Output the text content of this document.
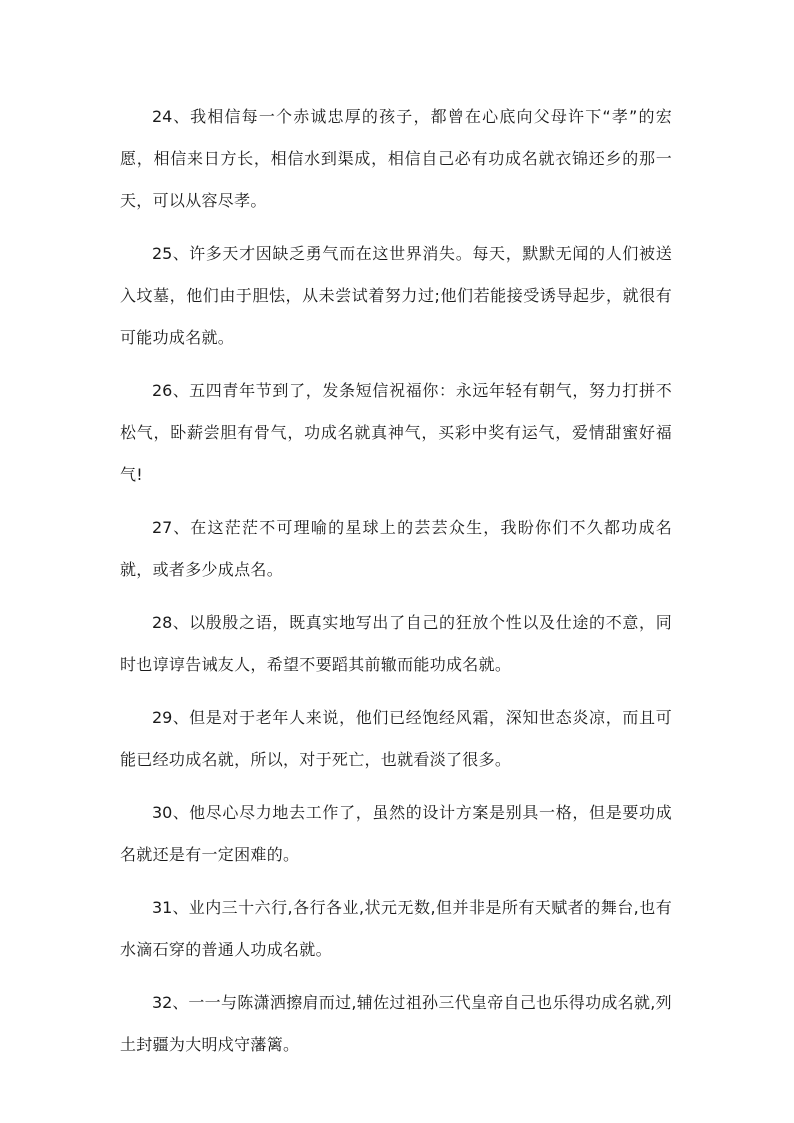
24、我相信每一个赤诚忠厚的孩子，都曾在心底向父母许下“孝”的宏愿，相信来日方长，相信水到渠成，相信自己必有功成名就衣锦还乡的那一天，可以从容尽孝。

25、许多天才因缺乏勇气而在这世界消失。每天，默默无闻的人们被送入坟墓，他们由于胆怯，从未尝试着努力过;他们若能接受诱导起步，就很有可能功成名就。

26、五四青年节到了，发条短信祝福你：永远年轻有朝气，努力打拼不松气，卧薪尝胆有骨气，功成名就真神气，买彩中奖有运气，爱情甜蜜好福气!

27、在这茫茫不可理喻的星球上的芸芸众生，我盼你们不久都功成名就，或者多少成点名。

28、以殷殷之语，既真实地写出了自己的狂放个性以及仕途的不意，同时也谆谆告诫友人，希望不要蹈其前辙而能功成名就。

29、但是对于老年人来说，他们已经饱经风霜，深知世态炎凉，而且可能已经功成名就，所以，对于死亡，也就看淡了很多。

30、他尽心尽力地去工作了，虽然的设计方案是别具一格，但是要功成名就还是有一定困难的。

31、业内三十六行,各行各业,状元无数,但并非是所有天赋者的舞台,也有水滴石穿的普通人功成名就。

32、一一与陈潇洒擦肩而过,辅佐过祖孙三代皇帝自己也乐得功成名就,列土封疆为大明戍守藩篱。
